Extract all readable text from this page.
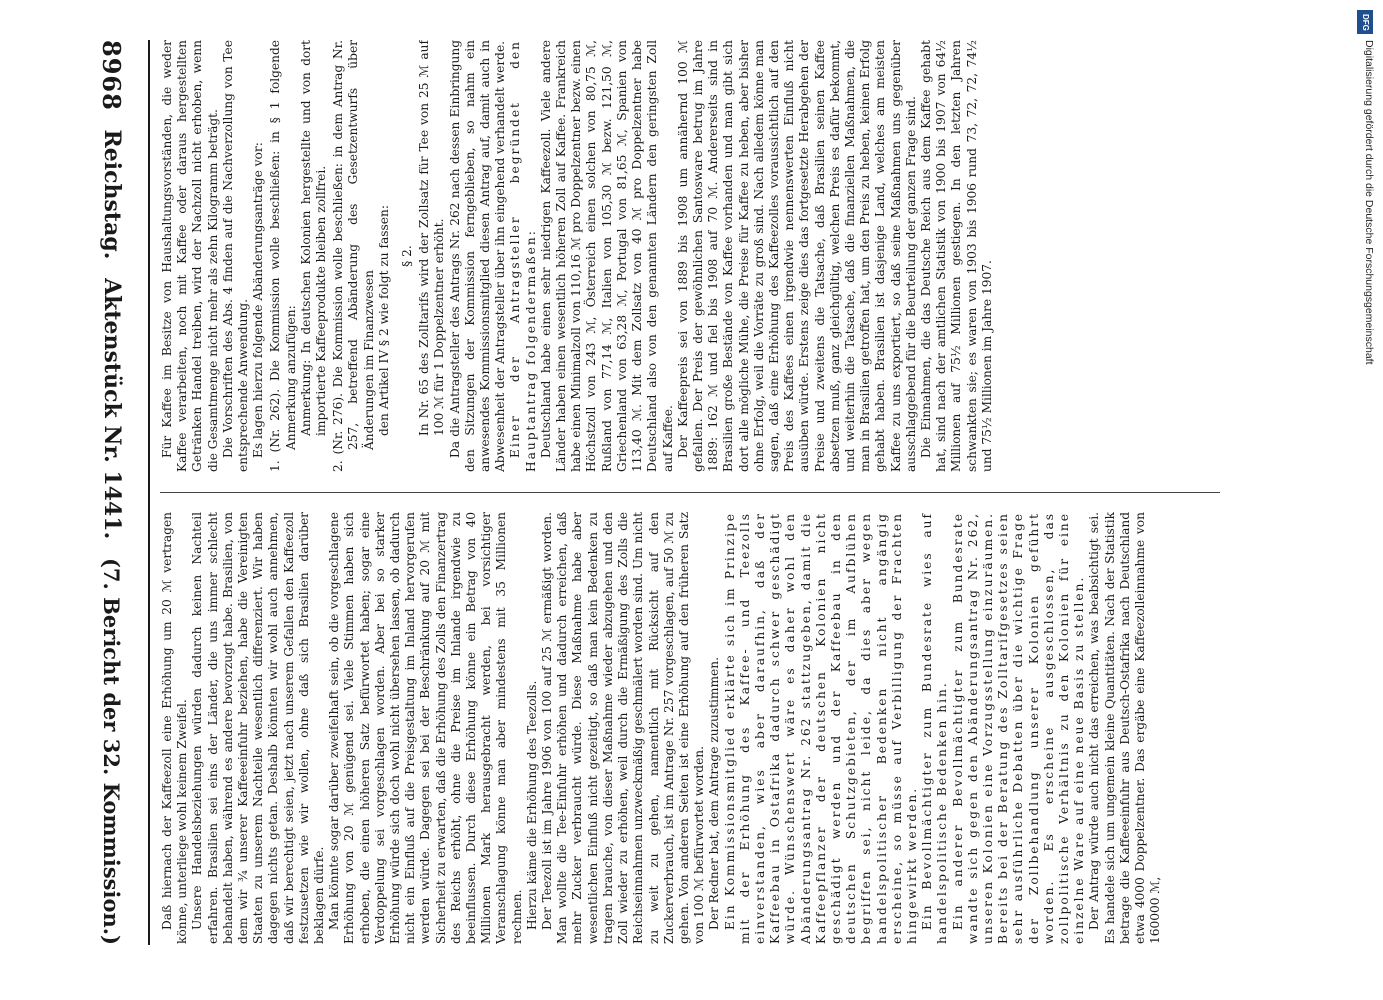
8968
Reichstag.
Aktenstück Nr. 1441.
(7. Bericht der 32. Kommission.)

Für Kaffee im Besitze von Haushaltungsvorständen, die weder Kaffee verarbeiten, noch mit Kaffee oder daraus hergestellten Getränken Handel treiben, wird der Nachzoll nicht erhoben, wenn die Gesamtmenge nicht mehr als zehn Kilogramm beträgt. Die Vorschriften des Abs. 4 finden auf die Nachverzollung von Tee entsprechende Anwendung. Es lagen hierzu folgende Abänderungsanträge vor: 1. (Nr. 262). Die Kommission wolle beschließen: in § 1 folgende Anmerkung anzufügen: Anmerkung: In deutschen Kolonien hergestellte und von dort importierte Kaffeeprodukte bleiben zollfrei. 2. (Nr. 276). Die Kommission wolle beschließen: in dem Antrag Nr. 257, betreffend Abänderung des Gesetzentwurfs über Änderungen im Finanzwesen den Artikel IV § 2 wie folgt zu fassen: § 2. In Nr. 65 des Zolltarifs wird der Zollsatz für Tee von 25 ℳ auf 100 ℳ für 1 Doppelzentner erhöht. Da die Antragsteller des Antrags Nr. 262 nach dessen Einbringung den Sitzungen der Kommission ferngeblieben, so nahm ein anwesendes Kommissionsmitglied diesen Antrag auf, damit auch in Abwesenheit der Antragsteller über ihn eingehend verhandelt werde. Einer der Antragsteller begründet den Hauptantrag folgendermaßen: Deutschland habe einen sehr niedrigen Kaffeezoll. Viele andere Länder haben einen wesentlich höheren Zoll auf Kaffee. Frankreich habe einen Minimalzoll von 110,16 ℳ pro Doppelzentner bezw. einen Höchstzoll von 243 ℳ, Österreich einen solchen von 80,75 ℳ, Rußland von 77,14 ℳ, Italien von 105,30 ℳ bezw. 121,50 ℳ, Griechenland von 63,28 ℳ, Portugal von 81,65 ℳ, Spanien von 113,40 ℳ. Mit dem Zollsatz von 40 ℳ pro Doppelzentner habe Deutschland also von den genannten Ländern den geringsten Zoll auf Kaffee. Der Kaffeepreis sei von 1889 bis 1908 um annähernd 100 ℳ gefallen. Der Preis der gewöhnlichen Santosware betrug im Jahre 1889: 162 ℳ und fiel bis 1908 auf 70 ℳ. Andererseits sind in Brasilien große Bestände von Kaffee vorhanden und man gibt sich dort alle mögliche Mühe, die Preise für Kaffee zu heben, aber bisher ohne Erfolg, weil die Vorräte zu groß sind. Nach alledem könne man sagen, daß eine Erhöhung des Kaffeezolles voraussichtlich auf den Preis des Kaffees einen irgendwie nennenswerten Einfluß nicht ausüben würde. Erstens zeige dies das fortgesetzte Herabgehen der Preise und zweitens die Tatsache, daß Brasilien seinen Kaffee absetzen muß, ganz gleichgültig, welchen Preis es dafür bekommt, und weiterhin die Tatsache, daß die finanziellen Maßnahmen, die man in Brasilien getroffen hat, um den Preis zu heben, keinen Erfolg gehabt haben. Brasilien ist dasjenige Land, welches am meisten Kaffee zu uns exportiert, so daß seine Maßnahmen uns gegenüber ausschlaggebend für die Beurteilung der ganzen Frage sind. Die Einnahmen, die das Deutsche Reich aus dem Kaffee gehabt hat, sind nach der amtlichen Statistik von 1900 bis 1907 von 64½ Millionen auf 75½ Millionen gestiegen. In den letzten Jahren schwankten sie; es waren von 1903 bis 1906 rund 73, 72, 72, 74½ und 75½ Millionen im Jahre 1907.

Daß hiernach der Kaffeezoll eine Erhöhung um 20 ℳ vertragen könne, unterliege wohl keinem Zweifel. Unsere Handelsbeziehungen würden dadurch keinen Nachteil erfahren. Brasilien sei eins der Länder, die uns immer schlecht behandelt haben, während es andere bevorzugt habe. Brasilien, von dem wir ¾ unserer Kaffeeeinfuhr beziehen, habe die Vereinigten Staaten zu unserem Nachteile wesentlich differenziert. Wir haben dagegen nichts getan. Deshalb könnten wir wohl auch annehmen, daß wir berechtigt seien, jetzt nach unserem Gefallen den Kaffeezoll festzusetzen wie wir wollen, ohne daß sich Brasilien darüber beklagen dürfe. Man könnte sogar darüber zweifelhaft sein, ob die vorgeschlagene Erhöhung von 20 ℳ genügend sei. Viele Stimmen haben sich erhoben, die einen höheren Satz befürwortet haben; sogar eine Verdoppelung sei vorgeschlagen worden. Aber bei so starker Erhöhung würde sich doch wohl nicht übersehen lassen, ob dadurch nicht ein Einfluß auf die Preisgestaltung im Inland hervorgerufen werden würde. Dagegen sei bei der Beschränkung auf 20 ℳ mit Sicherheit zu erwarten, daß die Erhöhung des Zolls den Finanzertrag des Reichs erhöht, ohne die Preise im Inlande irgendwie zu beeinflussen. Durch diese Erhöhung könne ein Betrag von 40 Millionen Mark herausgebracht werden, bei vorsichtiger Veranschlagung könne man aber mindestens mit 35 Millionen rechnen. Hierzu käme die Erhöhung des Teezolls. Der Teezoll ist im Jahre 1906 von 100 auf 25 ℳ ermäßigt worden. Man wollte die Tee-Einfuhr erhöhen und dadurch erreichen, daß mehr Zucker verbraucht würde. Diese Maßnahme habe aber wesentlichen Einfluß nicht gezeitigt, so daß man kein Bedenken zu tragen brauche, von dieser Maßnahme wieder abzugehen und den Zoll wieder zu erhöhen, weil durch die Ermäßigung des Zolls die Reichseinnahmen unzweckmäßig geschmälert worden sind. Um nicht zu weit zu gehen, namentlich mit Rücksicht auf den Zuckerverbrauch, ist im Antrage Nr. 257 vorgeschlagen, auf 50 ℳ zu gehen. Von anderen Seiten ist eine Erhöhung auf den früheren Satz von 100 ℳ befürwortet worden. Der Redner bat, dem Antrage zuzustimmen. Ein Kommissionsmitglied erklärte sich im Prinzipe mit der Erhöhung des Kaffee- und Teezolls einverstanden, wies aber daraufhin, daß der Kaffeebau in Ostafrika dadurch schwer geschädigt würde. Wünschenswert wäre es daher wohl den Abänderungsantrag Nr. 262 stattzugeben, damit die Kaffeepflanzer der deutschen Kolonien nicht geschädigt werden und der Kaffeebau in den deutschen Schutzgebieten, der im Aufblühen begriffen sei, nicht leide, da dies aber wegen handelspolitischer Bedenken nicht angängig erscheine, so müsse auf Verbilligung der Frachten hingewirkt werden. Ein Bevollmächtigter zum Bundesrate wies auf handelspolitische Bedenken hin. Ein anderer Bevollmächtigter zum Bundesrate wandte sich gegen den Abänderungsantrag Nr. 262, unseren Kolonien eine Vorzugsstellung einzuräumen. Bereits bei der Beratung des Zolltarifgesetzes seien sehr ausführliche Debatten über die wichtige Frage der Zollbehandlung unserer Kolonien geführt worden. Es erscheine ausgeschlossen, das zollpolitische Verhältnis zu den Kolonien für eine einzelne Ware auf eine neue Basis zu stellen. Der Antrag würde auch nicht das erreichen, was beabsichtigt sei. Es handele sich um ungemein kleine Quantitäten. Nach der Statistik betrage die Kaffeeeinfuhr aus Deutsch-Ostafrika nach Deutschland etwa 4000 Doppelzentner. Das ergäbe eine Kaffeezolleinnahme von 160000 ℳ,

DFG
Digitalisierung gefördert durch die Deutsche Forschungsgemeinschaft
